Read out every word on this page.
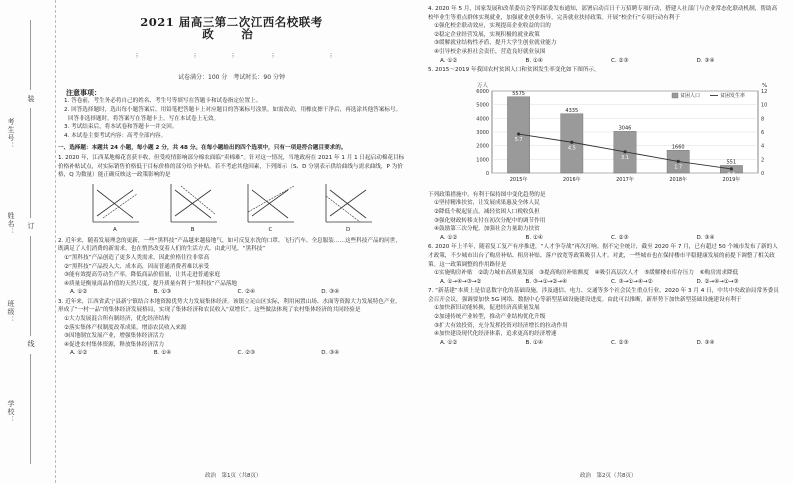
考生号：
姓名：
班级：
学校：
装
订
线
2021 届高三第二次江西名校联考
政　治
⁝	⁝	⁝	⁝	⁝
试卷满分：100 分　考试时长：90 分钟
注意事项：
1. 答卷前，考生务必将自己的姓名、考生号等填写在答题卡和试卷指定位置上。
2. 回答选择题时，选出每小题答案后，用铅笔把答题卡上对应题目的答案标号涂黑。如需改动，用橡皮擦干净后，再选涂其他答案标号。回答非选择题时，将答案写在答题卡上。写在本试卷上无效。
3. 考试结束后，将本试卷和答题卡一并交回。
4. 本试卷主要考试内容：高考全部内容。
一、选择题：本题共 24 小题，每小题 2 分，共 48 分。在每小题给出的四个选项中，只有一项是符合题目要求的。
1. 2020 年，江西某地棉花喜获丰收，但受疫情影响部分棉农面临“卖棉难”。针对这一情况，当地政府在 2021 年 1 月 1 日起启动棉花目标价格补贴试点，对实际销售价格低于目标价格的部分给予补贴。若不考虑其他因素，下列图示（S、D 分别表示供给曲线与需求曲线，P 为价格，Q 为数量）能正确反映这一政策影响的是
A	B	C	D
2. 近年来，随着发展理念的更新，一些“黑科技”产品越来越接地气，如可反复水洗的口罩、飞行汽车、全息服装……这些科技产品的问世，既满足了人们消费的新需求，也在悄然改变着人们的生活方式。由此可见，“黑科技”
①“黑科技”产品创造了更多人类需求，因此价格往往非常高
②“黑科技”产品投入大、成本高，因而普通消费者难以承受
③能有效提高劳动生产率，降低商品价值量，让其走进普通家庭
④质量是衡量商品价值的天然尺度，提升质量有利于“黑科技”产品落地
A. ①②	B. ①③	C. ②④	D. ③④
3. 近年来，江西省武宁县新宁镇结合本地资源优势大力发展集体经济。该镇立足山区实际，利用闲置山场、水面等资源大力发展特色产业，形成了“一村一品”的集体经济发展格局，实现了集体经济和农民收入“双增长”。这些做法体现了农村集体经济的共同经验是
①大力发展混合所有制经济，优化经济结构
②落实集体产权制度改革成果，增添农民收入来源
③因地制宜发展产业，增强集体经济活力
④促进农村集体资源，释放集体经济活力
A. ①②	B. ①④	C. ②③	D. ③④
政治　第1页（共8页）
4. 2020 年 5 月，国家发展和改革委员会等四部委发布通知，部署启动百日千万招聘专项行动，搭建人社部门与企业常态化联动机制，帮助高校毕业生等重点群体实现就业，加强就业创业指导，完善就业扶持政策。开展“校企行”专项行动有利于
①强化校企联动效应，实现提高企业收益的目的
②稳定企业经营发展，实现积极的就业政策
③缓解就业结构性矛盾，提升大学生创业就业能力
④引导校企承担社会责任，营造良好就业氛围
A. ①②	B. ①④	C. ②③	D. ③④
5. 2015～2019 年我国农村贫困人口和贫困发生率变化如下图所示。
0
1000
2000
3000
4000
5000
6000
0
2
4
6
8
10
12
万人	%
5575
2015年
4335
2016年
3046
2017年
1660
2018年
551
2019年
5.7
4.5
3.1
1.7
0.6
贫困人口	贫困发生率
下列政策措施中，有利于保持图中变化趋势的是
①坚持精准扶贫，让发展成果惠及全体人民
②降低个税起征点，减轻贫困人口税收负担
③强化财政转移支付在初次分配中的调节作用
④鼓励第三次分配，加强社会力量助力扶贫
A. ①②	B. ①④	C. ②③	D. ③④
6. 2020 年上半年，随着复工复产有序推进，“人才争夺战”再次打响。据不完全统计，截至 2020 年 7 月，已有超过 50 个城市发布了新的人才政策，不少城市出台了购房补贴、租房补贴、落户放宽等政策吸引人才。对此，一些城市也在保持楼市平稳健康发展的前提下调整了相关政策。这一政策调整的作用路径是
①实施购房补贴　②助力城市高质量发展　③提高购房补贴额度　④吸引高层次人才　⑤缓解楼市库存压力　⑥购房需求降低
A. ①→④→③→②	B. ③→①→②→④	C. ③→①→④→②	D. ②→④→①→③
7. “新基建”本质上是信息数字化的基础设施，涉及通信、电力、交通等多个社会民生重点行业。2020 年 3 月 4 日，中共中央政治局常务委员会召开会议，强调要加快 5G 网络、数据中心等新型基础设施建设进度。由此可以推断，新形势下加快新型基础设施建设有利于
①加快新旧动能转换，促进经济高质量发展
②加速传统产业转型，推动产业结构优化升级
③扩大有效投资，充分发挥投资对经济增长的拉动作用
④加快建设现代化经济体系，追求更高的经济增速
A. ①②	B. ①④	C. ②③	D. ③④
政治　第2页（共8页）
